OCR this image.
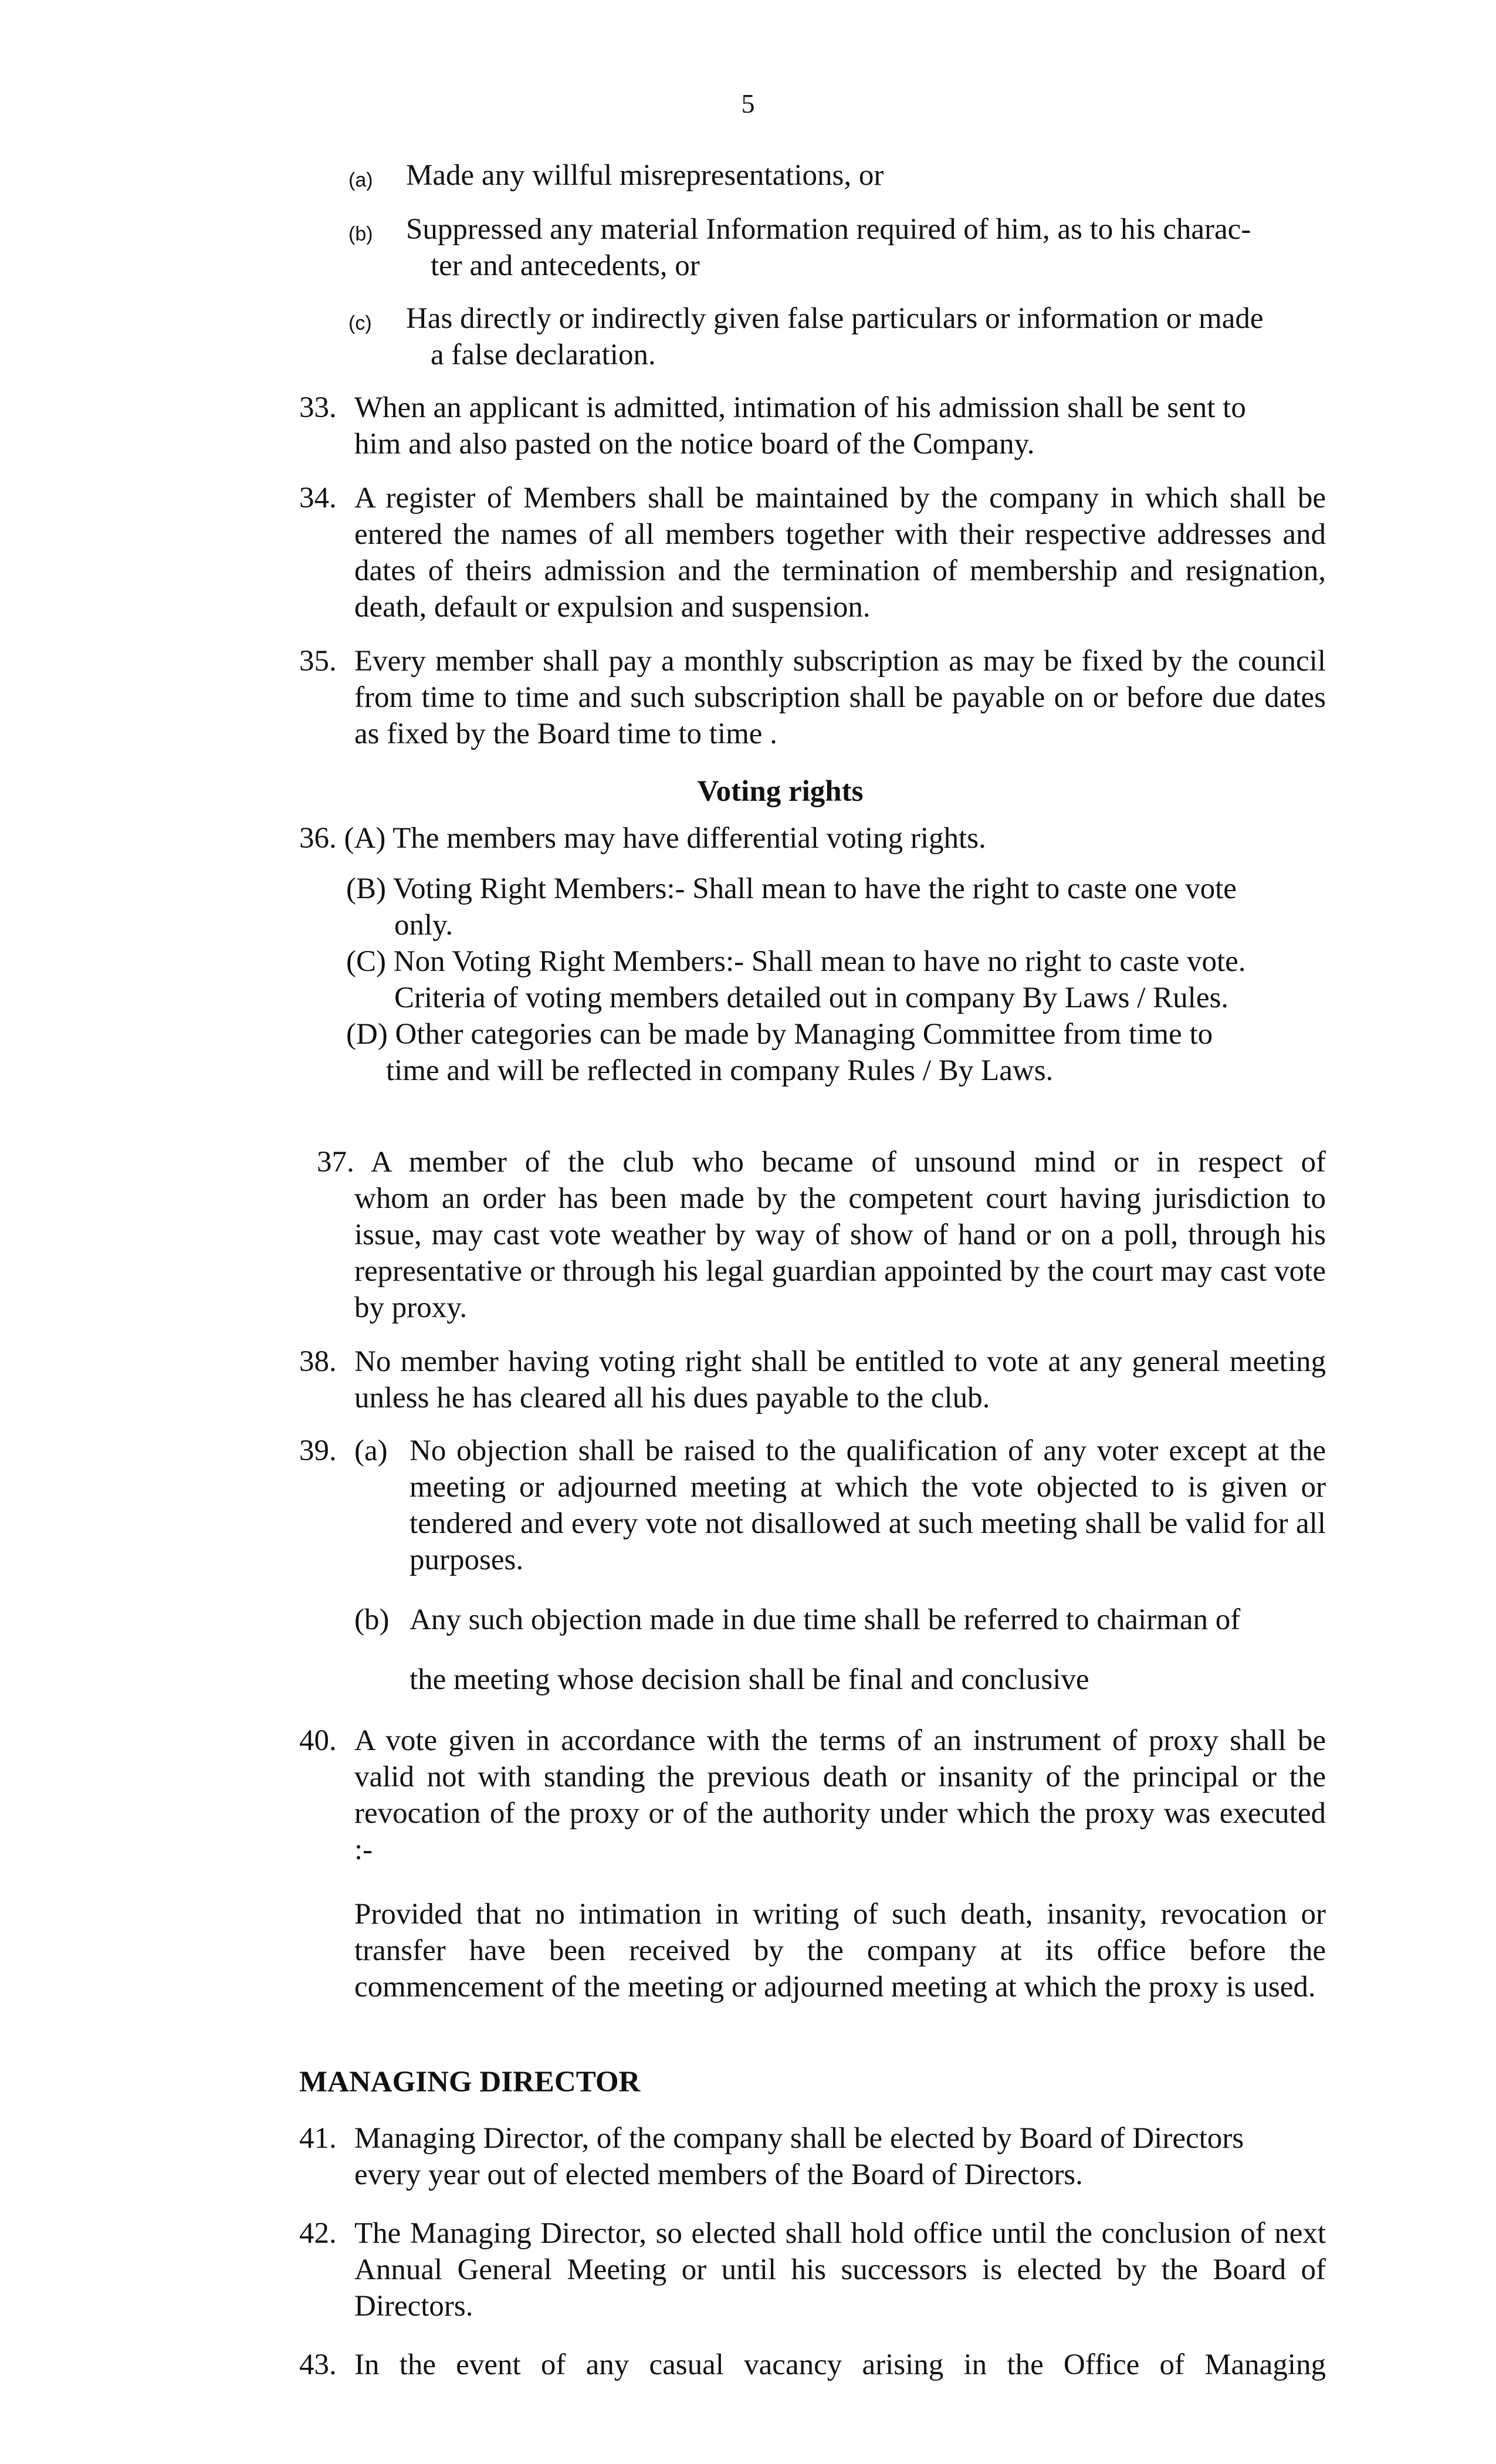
5
(a) Made any willful misrepresentations, or
(b) Suppressed any material Information required of him, as to his charac-
ter and antecedents, or
(c) Has directly or indirectly given false particulars or information or made
a false declaration.
33. When an applicant is admitted, intimation of his admission shall be sent to
him and also pasted on the notice board of the Company.
34. A register of Members shall be maintained by the company in which shall be entered the names of all members together with their respective addresses and dates of theirs admission and the termination of membership and resignation, death, default or expulsion and suspension.
35. Every member shall pay a monthly subscription as may be fixed by the council from time to time and such subscription shall be payable on or before due dates as fixed by the Board time to time .
Voting rights
36. (A) The members may have differential voting rights.
(B) Voting Right Members:- Shall mean to have the right to caste one vote
only.
(C) Non Voting Right Members:- Shall mean to have no right to caste vote.
Criteria of voting members detailed out in company By Laws / Rules.
(D) Other categories can be made by Managing Committee from time to
time and will be reflected in company Rules / By Laws.
37. A member of the club who became of unsound mind or in respect of
whom an order has been made by the competent court having jurisdiction to issue, may cast vote weather by way of show of hand or on a poll, through his representative or through his legal guardian appointed by the court may cast vote by proxy.
38. No member having voting right shall be entitled to vote at any general meeting unless he has cleared all his dues payable to the club.
39. (a) No objection shall be raised to the qualification of any voter except at the meeting or adjourned meeting at which the vote objected to is given or tendered and every vote not disallowed at such meeting shall be valid for all purposes.
(b) Any such objection made in due time shall be referred to chairman of
the meeting whose decision shall be final and conclusive
40. A vote given in accordance with the terms of an instrument of proxy shall be valid not with standing the previous death or insanity of the principal or the revocation of the proxy or of the authority under which the proxy was executed :-
Provided that no intimation in writing of such death, insanity, revocation or transfer have been received by the company at its office before the commencement of the meeting or adjourned meeting at which the proxy is used.
MANAGING DIRECTOR
41. Managing Director, of the company shall be elected by Board of Directors
every year out of elected members of the Board of Directors.
42. The Managing Director, so elected shall hold office until the conclusion of next Annual General Meeting or until his successors is elected by the Board of Directors.
43. In the event of any casual vacancy arising in the Office of Managing
